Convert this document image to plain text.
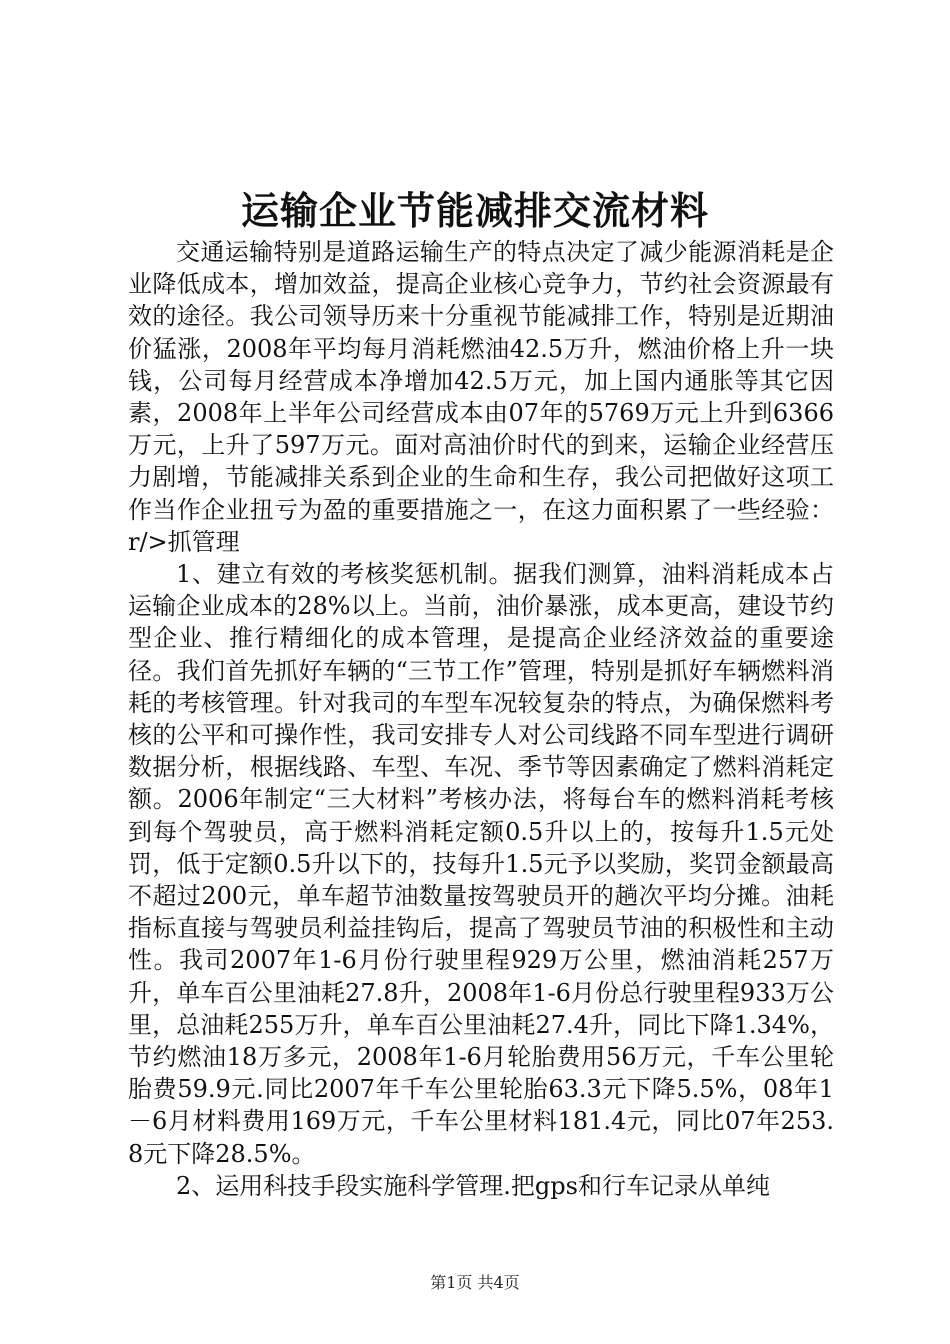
运输企业节能减排交流材料

交通运输特别是道路运输生产的特点决定了减少能源消耗是企业降低成本，增加效益，提高企业核心竞争力，节约社会资源最有效的途径。我公司领导历来十分重视节能减排工作，特别是近期油价猛涨，2008年平均每月消耗燃油42.5万升，燃油价格上升一块钱，公司每月经营成本净增加42.5万元，加上国内通胀等其它因素，2008年上半年公司经营成本由07年的5769万元上升到6366万元，上升了597万元。面对高油价时代的到来，运输企业经营压力剧增，节能减排关系到企业的生命和生存，我公司把做好这项工作当作企业扭亏为盈的重要措施之一，在这力面积累了一些经验：r/>抓管理

1、建立有效的考核奖惩机制。据我们测算，油料消耗成本占运输企业成本的28%以上。当前，油价暴涨，成本更高，建设节约型企业、推行精细化的成本管理，是提高企业经济效益的重要途径。我们首先抓好车辆的“三节工作”管理，特别是抓好车辆燃料消耗的考核管理。针对我司的车型车况较复杂的特点，为确保燃料考核的公平和可操作性，我司安排专人对公司线路不同车型进行调研数据分析，根据线路、车型、车况、季节等因素确定了燃料消耗定额。2006年制定“三大材料”考核办法，将每台车的燃料消耗考核到每个驾驶员，高于燃料消耗定额0.5升以上的，按每升1.5元处罚，低于定额0.5升以下的，技每升1.5元予以奖励，奖罚金额最高不超过200元，单车超节油数量按驾驶员开的趟次平均分摊。油耗指标直接与驾驶员利益挂钩后，提高了驾驶员节油的积极性和主动性。我司2007年1-6月份行驶里程929万公里，燃油消耗257万升，单车百公里油耗27.8升，2008年1-6月份总行驶里程933万公里，总油耗255万升，单车百公里油耗27.4升，同比下降1.34%，节约燃油18万多元，2008年1-6月轮胎费用56万元，千车公里轮胎费59.9元.同比2007年千车公里轮胎63.3元下降5.5%，08年1－6月材料费用169万元，千车公里材料181.4元，同比07年253.8元下降28.5%。

2、运用科技手段实施科学管理.把gps和行车记录从单纯

第1页 共4页
